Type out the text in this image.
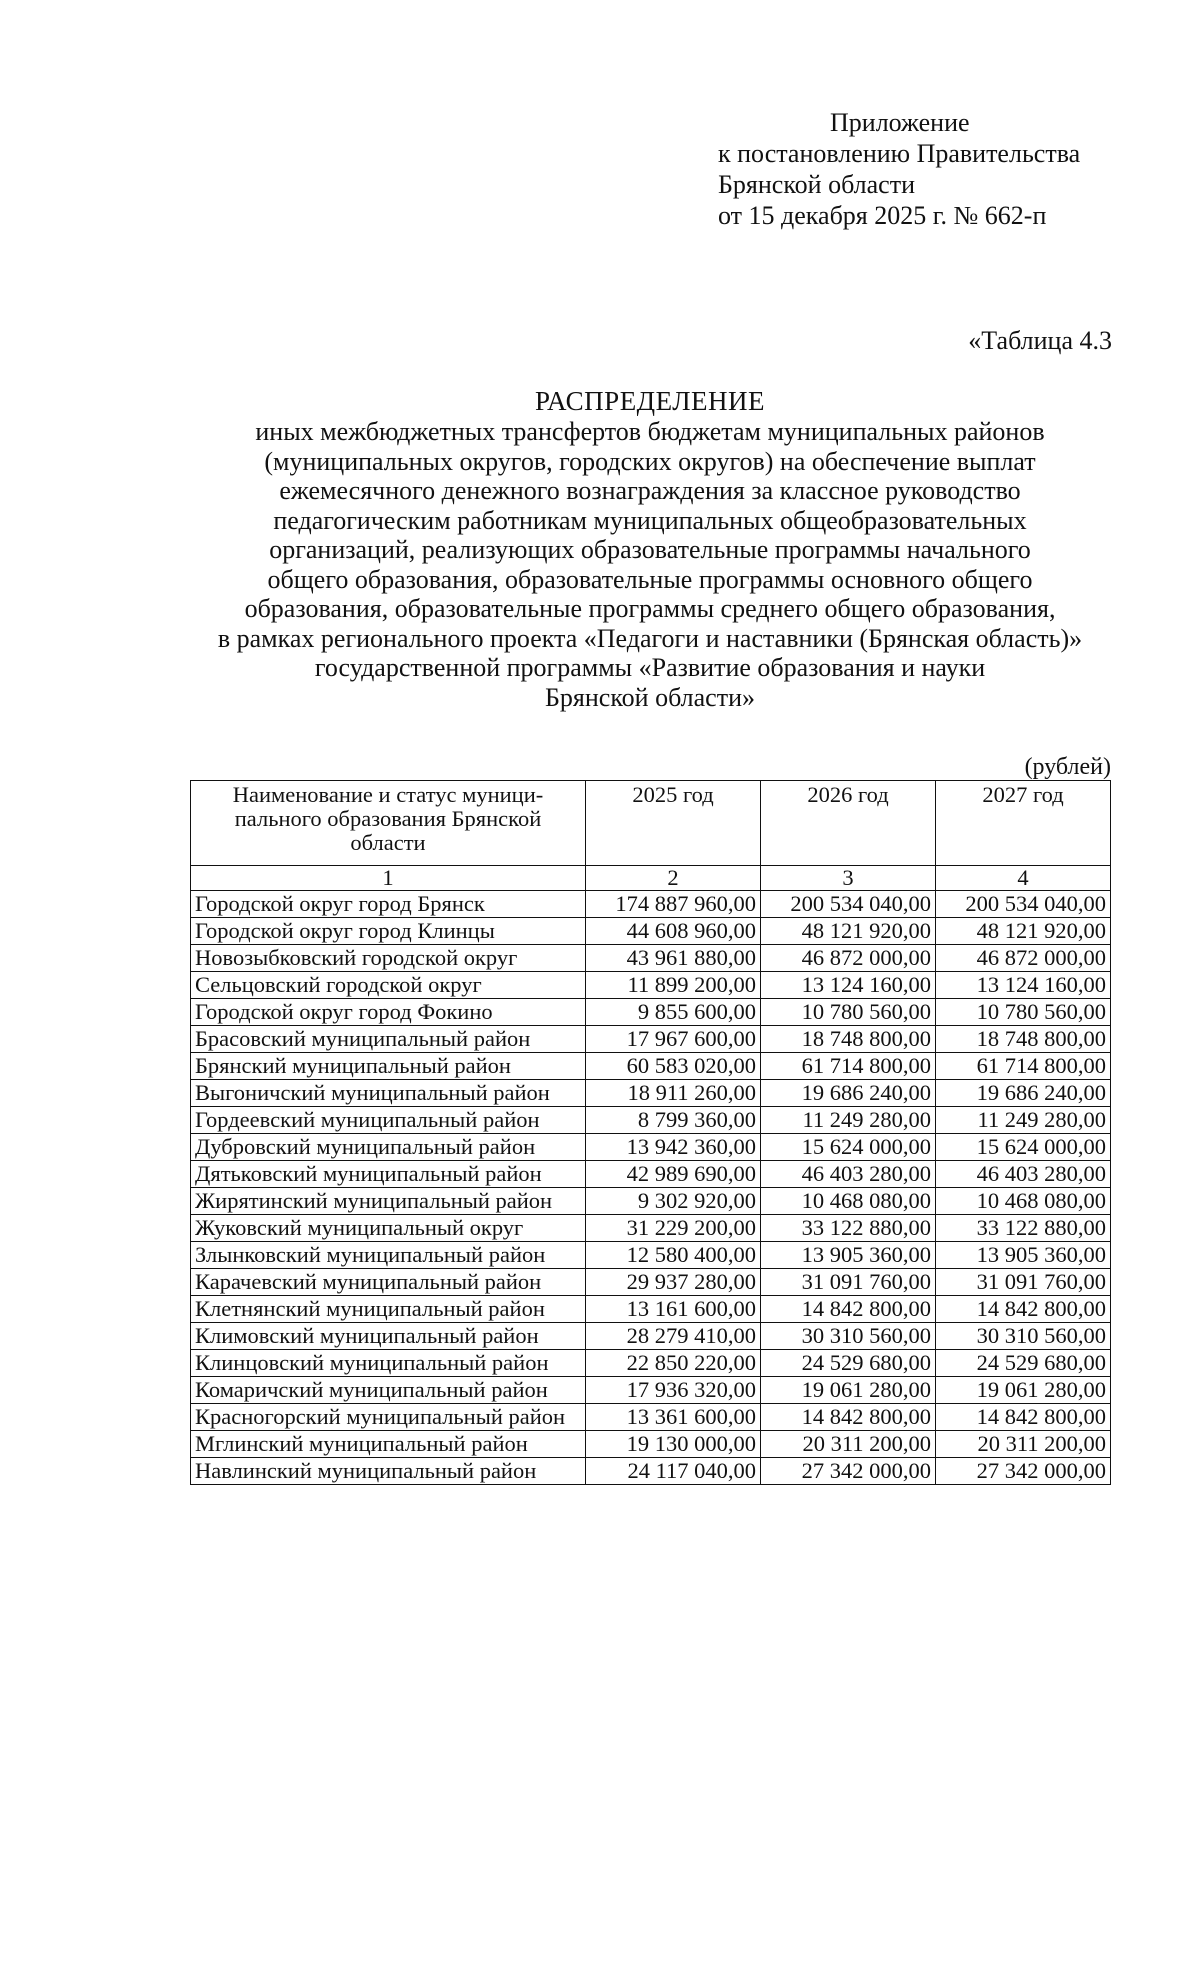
Приложение
к постановлению Правительства
Брянской области
от 15 декабря 2025 г. № 662-п
«Таблица 4.3
РАСПРЕДЕЛЕНИЕ
иных межбюджетных трансфертов бюджетам муниципальных районов
(муниципальных округов, городских округов) на обеспечение выплат
ежемесячного денежного вознаграждения за классное руководство
педагогическим работникам муниципальных общеобразовательных
организаций, реализующих образовательные программы начального
общего образования, образовательные программы основного общего
образования, образовательные программы среднего общего образования,
в рамках регионального проекта «Педагоги и наставники (Брянская область)»
государственной программы «Развитие образования и науки
Брянской области»
(рублей)
Наименование и статус муници-пального образования Брянской области	2025 год	2026 год	2027 год
1	2	3	4
Городской округ город Брянск	174 887 960,00	200 534 040,00	200 534 040,00
Городской округ город Клинцы	44 608 960,00	48 121 920,00	48 121 920,00
Новозыбковский городской округ	43 961 880,00	46 872 000,00	46 872 000,00
Сельцовский городской округ	11 899 200,00	13 124 160,00	13 124 160,00
Городской округ город Фокино	9 855 600,00	10 780 560,00	10 780 560,00
Брасовский муниципальный район	17 967 600,00	18 748 800,00	18 748 800,00
Брянский муниципальный район	60 583 020,00	61 714 800,00	61 714 800,00
Выгоничский муниципальный район	18 911 260,00	19 686 240,00	19 686 240,00
Гордеевский муниципальный район	8 799 360,00	11 249 280,00	11 249 280,00
Дубровский муниципальный район	13 942 360,00	15 624 000,00	15 624 000,00
Дятьковский муниципальный район	42 989 690,00	46 403 280,00	46 403 280,00
Жирятинский муниципальный район	9 302 920,00	10 468 080,00	10 468 080,00
Жуковский муниципальный округ	31 229 200,00	33 122 880,00	33 122 880,00
Злынковский муниципальный район	12 580 400,00	13 905 360,00	13 905 360,00
Карачевский муниципальный район	29 937 280,00	31 091 760,00	31 091 760,00
Клетнянский муниципальный район	13 161 600,00	14 842 800,00	14 842 800,00
Климовский муниципальный район	28 279 410,00	30 310 560,00	30 310 560,00
Клинцовский муниципальный район	22 850 220,00	24 529 680,00	24 529 680,00
Комаричский муниципальный район	17 936 320,00	19 061 280,00	19 061 280,00
Красногорский муниципальный район	13 361 600,00	14 842 800,00	14 842 800,00
Мглинский муниципальный район	19 130 000,00	20 311 200,00	20 311 200,00
Навлинский муниципальный район	24 117 040,00	27 342 000,00	27 342 000,00
